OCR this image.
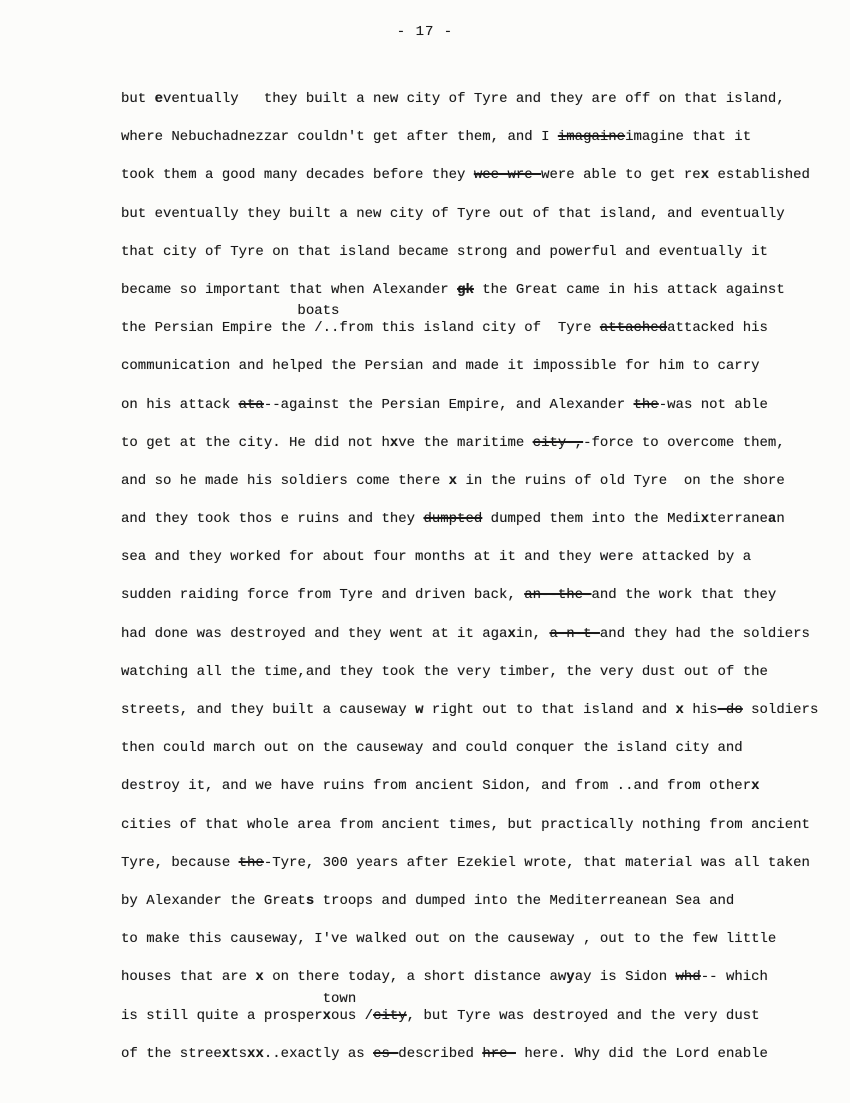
- 17 -
but eventually   they built a new city of Tyre and they are off on that island,
where Nebuchadnezzar couldn't get after them, and I imagaineimagine that it
took them a good many decades before they wee wre were able to get rex established
but eventually they built a new city of Tyre out of that island, and eventually
that city of Tyre on that island became strong and powerful and eventually it
became so important that when Alexander gk the Great came in his attack against
boats
the Persian Empire the /..from this island city of  Tyre attachedattacked his
communication and helped the Persian and made it impossible for him to carry
on his attack ata--against the Persian Empire, and Alexander the-was not able
to get at the city. He did not hxve the maritime city-,-force to overcome them,
and so he made his soldiers come there x in the ruins of old Tyre  on the shore
and they took thos e ruins and they dumpted dumped them into the Medixterranean
sea and they worked for about four months at it and they were attacked by a
sudden raiding force from Tyre and driven back, an--the-and the work that they
had done was destroyed and they went at it agaxin, a-n-t-and they had the soldiers
watching all the time,and they took the very timber, the very dust out of the
streets, and they built a causeway w right out to that island and x his-do soldiers
then could march out on the causeway and could conquer the island city and
destroy it, and we have ruins from ancient Sidon, and from ..and from otherx
cities of that whole area from ancient times, but practically nothing from ancient
Tyre, because the-Tyre, 300 years after Ezekiel wrote, that material was all taken
by Alexander the Greats troops and dumped into the Mediterreanean Sea and
to make this causeway, I've walked out on the causeway , out to the few little
houses that are x on there today, a short distance awyay is Sidon whd-- which
town
is still quite a prosperxous /city, but Tyre was destroyed and the very dust
of the streextsxx..exactly as es-described hre- here. Why did the Lord enable
